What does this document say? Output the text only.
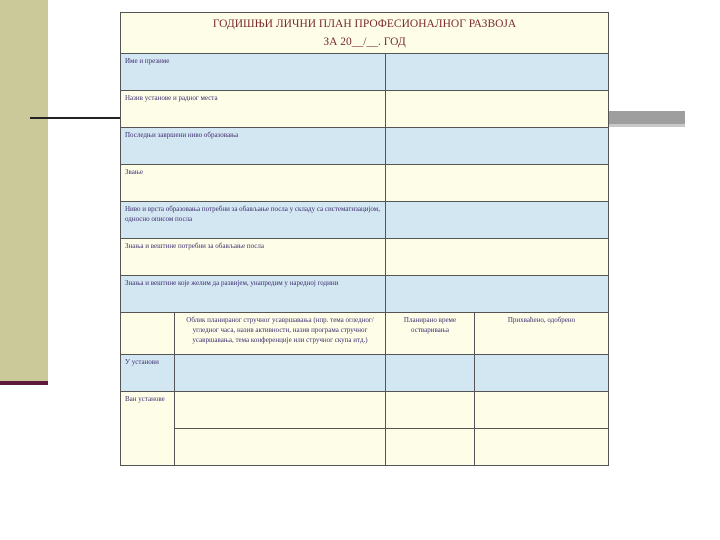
ГОДИШЊИ ЛИЧНИ ПЛАН ПРОФЕСИОНАЛНОГ РАЗВОЈА
ЗА 20__/__. ГОД			

Име и презиме			
Назив установе и радног места			
Последњи завршени ниво образовања			
Звање			
Ниво и врста образовања потребни за обављање посла у складу са систематизацијом, односно описом посла			
Знања и вештине потребни за обављање посла			
Знања и вештине које желим да развијем, унапредим у наредној години			
	Облик планираног стручног усавршавања (нпр. тема огледног/угледног часа, назив активности, назив програма стручног усавршавања, тема конференције или стручног скупа итд.)	Планирано време остваривања	Прихваћено, одобрено
У установи			
Ван установе			
